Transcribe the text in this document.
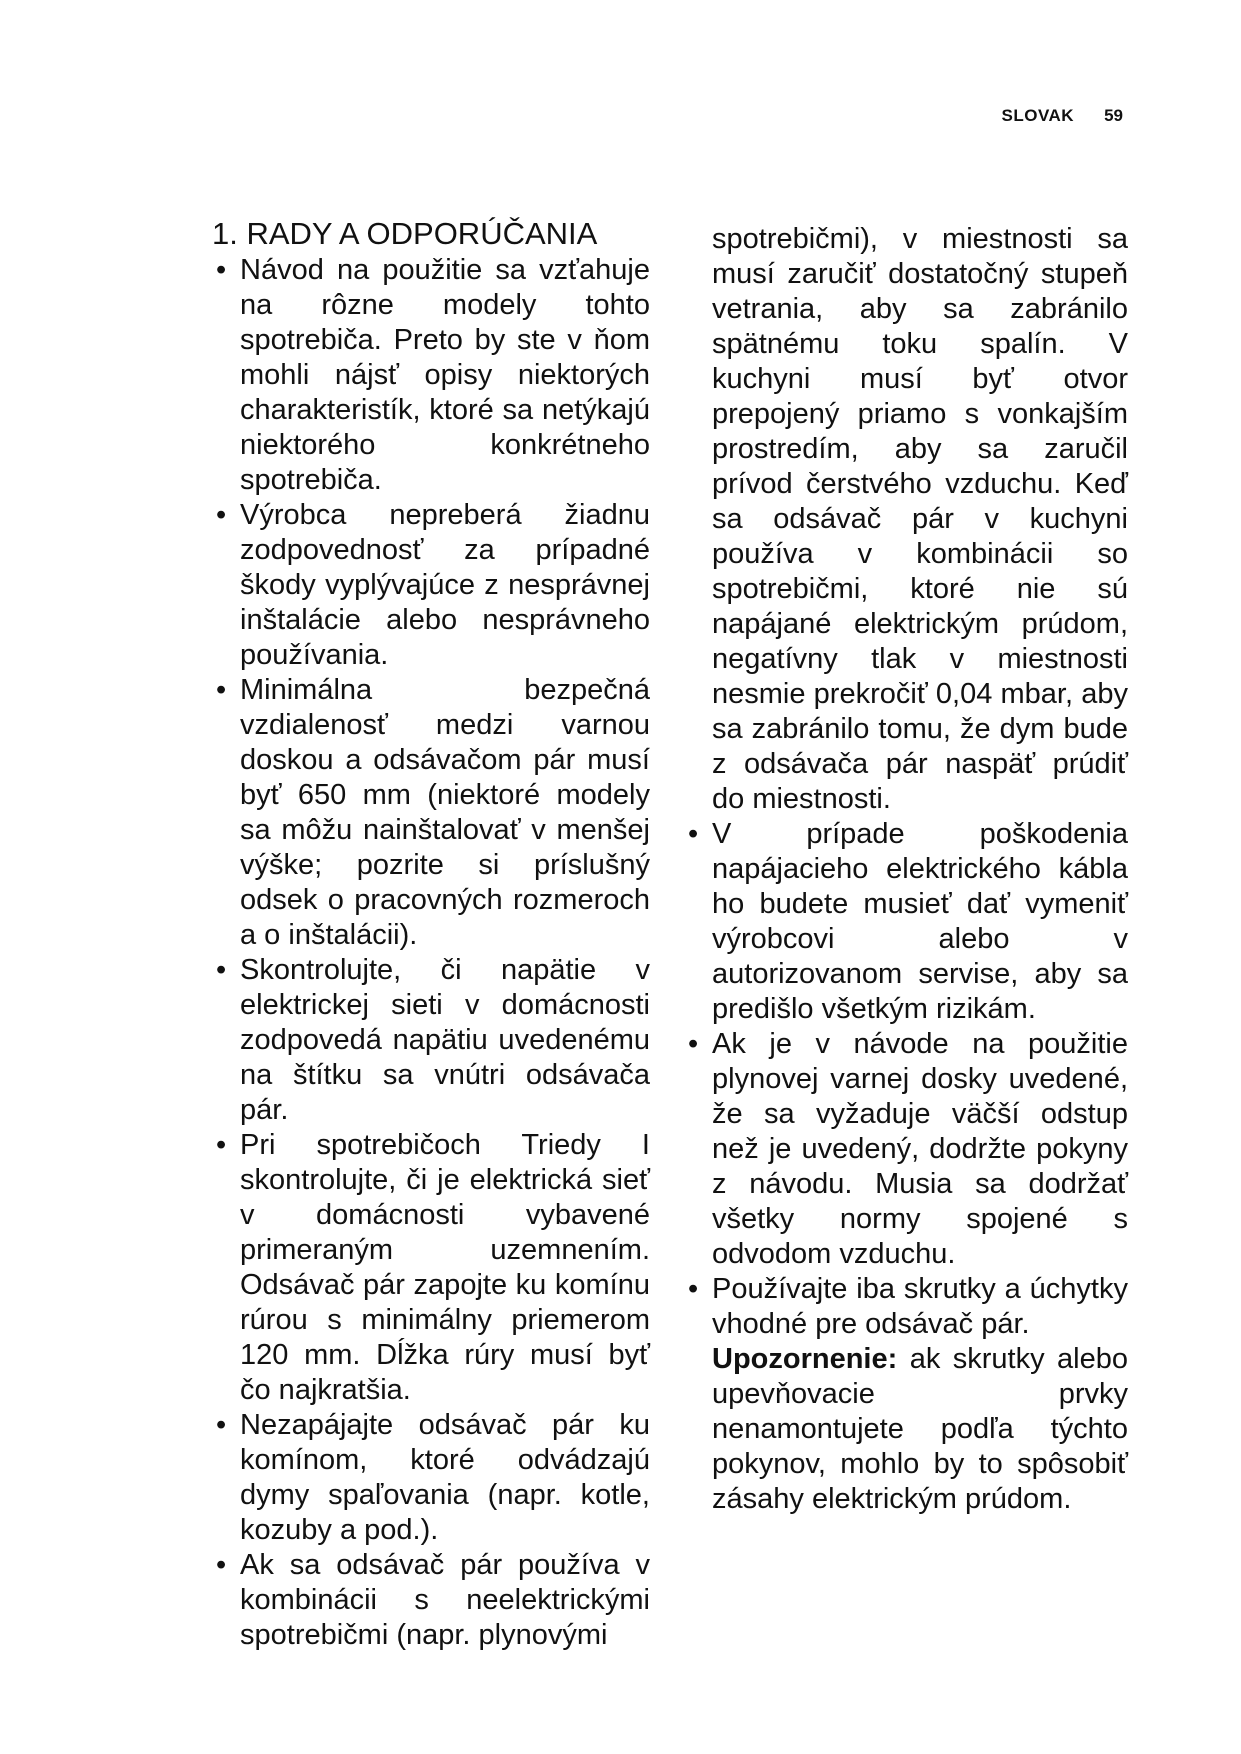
SLOVAK 59
1. RADY A ODPORÚČANIA

• Návod na použitie sa vzťahuje na rôzne modely tohto spotrebiča. Preto by ste v ňom mohli nájsť opisy niektorých charakteristík, ktoré sa netýkajú niektorého konkrétneho spotrebiča.

• Výrobca nepreberá žiadnu zodpovednosť za prípadné škody vyplývajúce z nesprávnej inštalácie alebo nesprávneho používania.

• Minimálna bezpečná vzdialenosť medzi varnou doskou a odsávačom pár musí byť 650 mm (niektoré modely sa môžu nainštalovať v menšej výške; pozrite si príslušný odsek o pracovných rozmeroch a o inštalácii).

• Skontrolujte, či napätie v elektrickej sieti v domácnosti zodpovedá napätiu uvedenému na štítku sa vnútri odsávača pár.

• Pri spotrebičoch Triedy I skontrolujte, či je elektrická sieť v domácnosti vybavené primeraným uzemnením. Odsávač pár zapojte ku komínu rúrou s minimálny priemerom 120 mm. Dĺžka rúry musí byť čo najkratšia.

• Nezapájajte odsávač pár ku komínom, ktoré odvádzajú dymy spaľovania (napr. kotle, kozuby a pod.).

• Ak sa odsávač pár používa v kombinácii s neelektrickými spotrebičmi (napr. plynovými

spotrebičmi), v miestnosti sa musí zaručiť dostatočný stupeň vetrania, aby sa zabránilo spätnému toku spalín. V kuchyni musí byť otvor prepojený priamo s vonkajším prostredím, aby sa zaručil prívod čerstvého vzduchu. Keď sa odsávač pár v kuchyni používa v kombinácii so spotrebičmi, ktoré nie sú napájané elektrickým prúdom, negatívny tlak v miestnosti nesmie prekročiť 0,04 mbar, aby sa zabránilo tomu, že dym bude z odsávača pár naspäť prúdiť do miestnosti.

• V prípade poškodenia napájacieho elektrického kábla ho budete musieť dať vymeniť výrobcovi alebo v autorizovanom servise, aby sa predišlo všetkým rizikám.

• Ak je v návode na použitie plynovej varnej dosky uvedené, že sa vyžaduje väčší odstup než je uvedený, dodržte pokyny z návodu. Musia sa dodržať všetky normy spojené s odvodom vzduchu.

• Používajte iba skrutky a úchytky vhodné pre odsávač pár.

Upozornenie: ak skrutky alebo upevňovacie prvky nenamontujete podľa týchto pokynov, mohlo by to spôsobiť zásahy elektrickým prúdom.
